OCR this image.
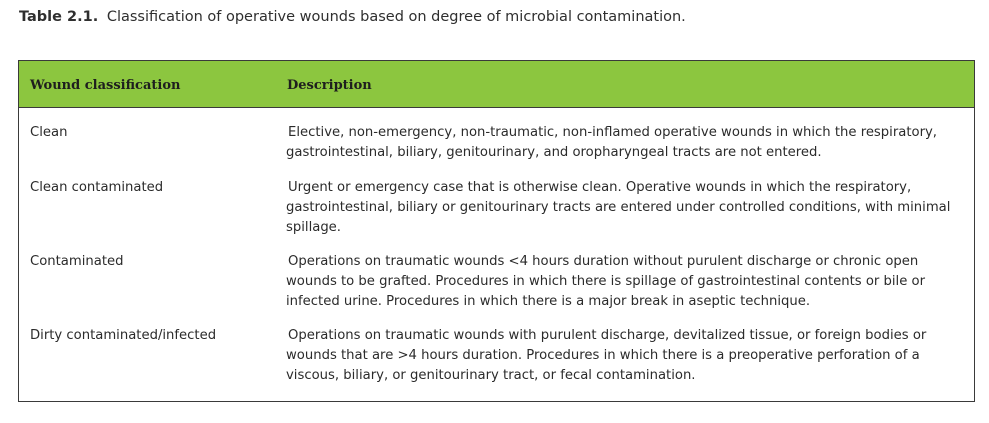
Table 2.1. Classification of operative wounds based on degree of microbial contamination.
Wound classification	Description
Clean	Elective, non-emergency, non-traumatic, non-inflamed operative wounds in which the respiratory, gastrointestinal, biliary, genitourinary, and oropharyngeal tracts are not entered.
Clean contaminated	Urgent or emergency case that is otherwise clean. Operative wounds in which the respiratory, gastrointestinal, biliary or genitourinary tracts are entered under controlled conditions, with minimal spillage.
Contaminated	Operations on traumatic wounds <4 hours duration without purulent discharge or chronic open wounds to be grafted. Procedures in which there is spillage of gastrointestinal contents or bile or infected urine. Procedures in which there is a major break in aseptic technique.
Dirty contaminated/infected	Operations on traumatic wounds with purulent discharge, devitalized tissue, or foreign bodies or wounds that are >4 hours duration. Procedures in which there is a preoperative perforation of a viscous, biliary, or genitourinary tract, or fecal contamination.
